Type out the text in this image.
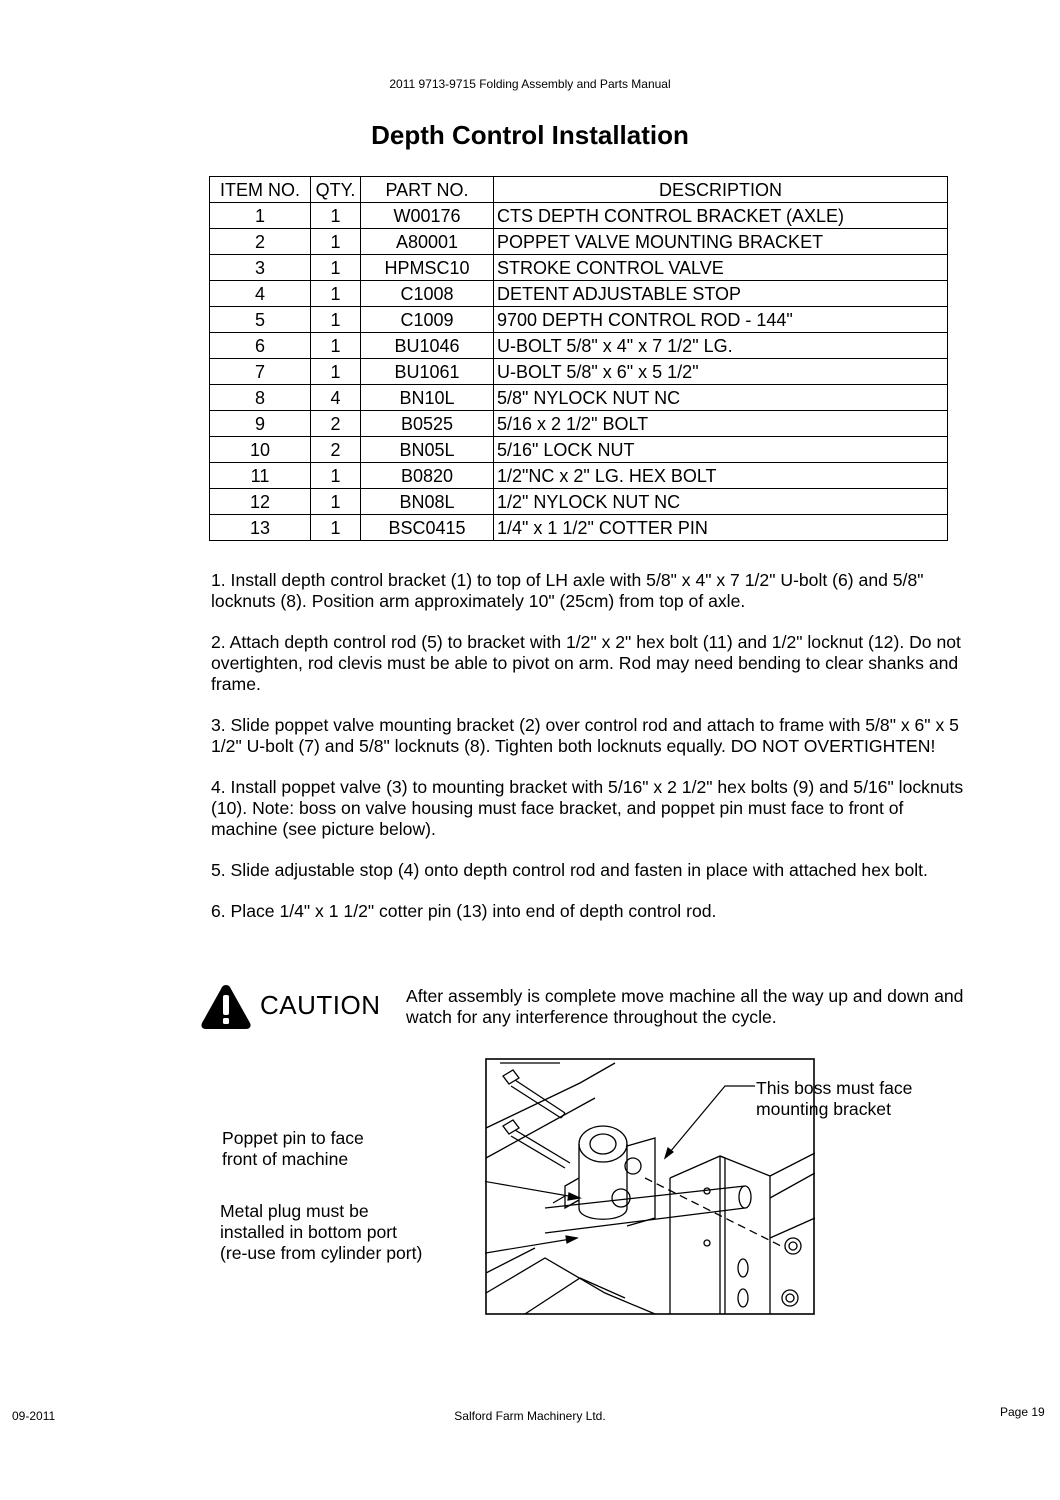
2011 9713-9715 Folding Assembly and Parts Manual
Depth Control Installation
ITEM NO.	QTY.	PART NO.	DESCRIPTION
1	1	W00176	CTS DEPTH CONTROL BRACKET (AXLE)
2	1	A80001	POPPET VALVE MOUNTING BRACKET
3	1	HPMSC10	STROKE CONTROL VALVE
4	1	C1008	DETENT ADJUSTABLE STOP
5	1	C1009	9700 DEPTH CONTROL ROD - 144"
6	1	BU1046	U-BOLT 5/8" x 4" x 7 1/2" LG.
7	1	BU1061	U-BOLT 5/8" x 6" x 5 1/2"
8	4	BN10L	5/8" NYLOCK NUT NC
9	2	B0525	5/16 x 2 1/2" BOLT
10	2	BN05L	5/16" LOCK NUT
11	1	B0820	1/2"NC x 2" LG. HEX BOLT
12	1	BN08L	1/2" NYLOCK NUT NC
13	1	BSC0415	1/4" x 1 1/2" COTTER PIN

1. Install depth control bracket (1) to top of LH axle with 5/8" x 4" x 7 1/2" U-bolt (6) and 5/8" locknuts (8). Position arm approximately 10" (25cm) from top of axle.

2. Attach depth control rod (5) to bracket with 1/2" x 2" hex bolt (11) and 1/2" locknut (12). Do not overtighten, rod clevis must be able to pivot on arm. Rod may need bending to clear shanks and frame.

3. Slide poppet valve mounting bracket (2) over control rod and attach to frame with 5/8" x 6" x 5 1/2" U-bolt (7) and 5/8" locknuts (8). Tighten both locknuts equally. DO NOT OVERTIGHTEN!

4. Install poppet valve (3) to mounting bracket with 5/16" x 2 1/2" hex bolts (9) and 5/16" locknuts (10). Note: boss on valve housing must face bracket, and poppet pin must face to front of machine (see picture below).

5. Slide adjustable stop (4) onto depth control rod and fasten in place with attached hex bolt.

6. Place 1/4" x 1 1/2" cotter pin (13) into end of depth control rod.

CAUTION After assembly is complete move machine all the way up and down and watch for any interference throughout the cycle.
This boss must face
mounting bracket
Poppet pin to face
front of machine
Metal plug must be
installed in bottom port
(re-use from cylinder port)
09-2011	Salford Farm Machinery Ltd.	Page 19
